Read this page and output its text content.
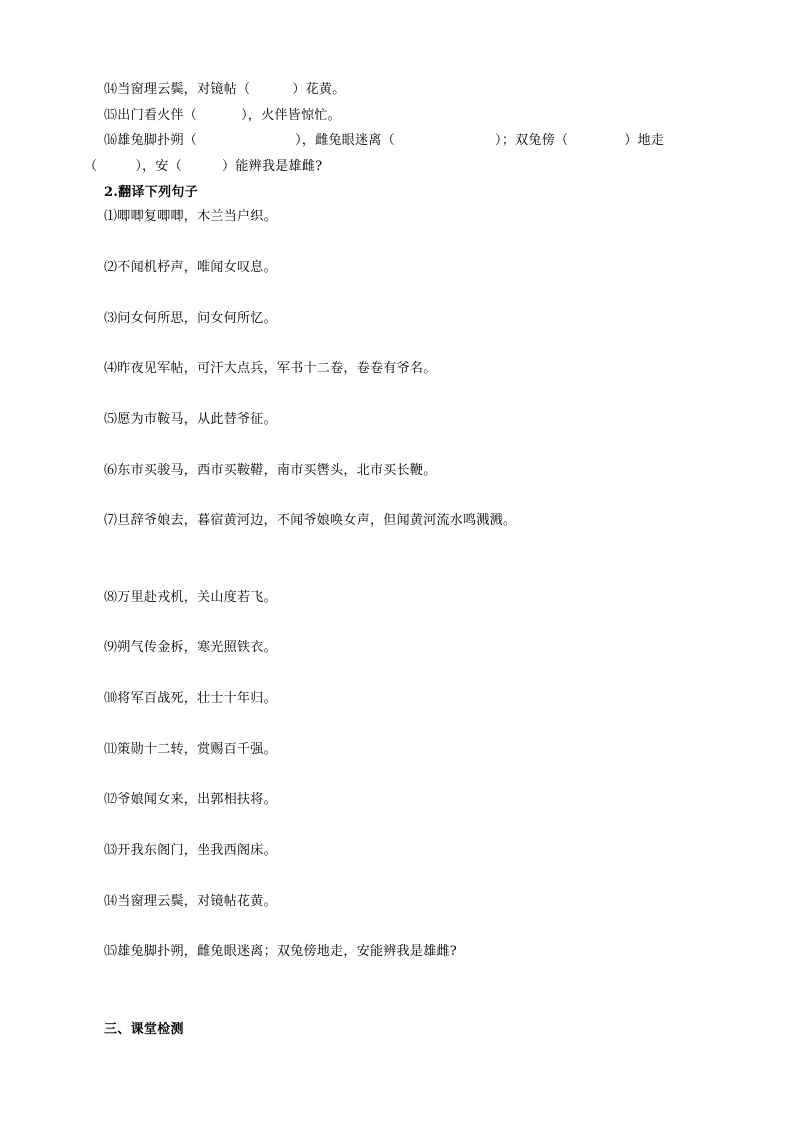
⒁当窗理云鬓，对镜帖（	）花黄。
⒂出门看火伴（	），火伴皆惊忙。
⒃雄兔脚扑朔（	），雌兔眼迷离（	）；双兔傍（	）地走
（	），安（	）能辨我是雄雌?
2.翻译下列句子
⑴唧唧复唧唧，木兰当户织。
⑵不闻机杼声，唯闻女叹息。
⑶问女何所思，问女何所忆。
⑷昨夜见军帖，可汗大点兵，军书十二卷，卷卷有爷名。
⑸愿为市鞍马，从此替爷征。
⑹东市买骏马，西市买鞍鞯，南市买辔头，北市买长鞭。
⑺旦辞爷娘去，暮宿黄河边，不闻爷娘唤女声，但闻黄河流水鸣溅溅。
⑻万里赴戎机，关山度若飞。
⑼朔气传金柝，寒光照铁衣。
⑽将军百战死，壮士十年归。
⑾策勋十二转，赏赐百千强。
⑿爷娘闻女来，出郭相扶将。
⒀开我东阁门，坐我西阁床。
⒁当窗理云鬓，对镜帖花黄。
⒂雄兔脚扑朔，雌兔眼迷离；双兔傍地走，安能辨我是雄雌?
三、课堂检测
